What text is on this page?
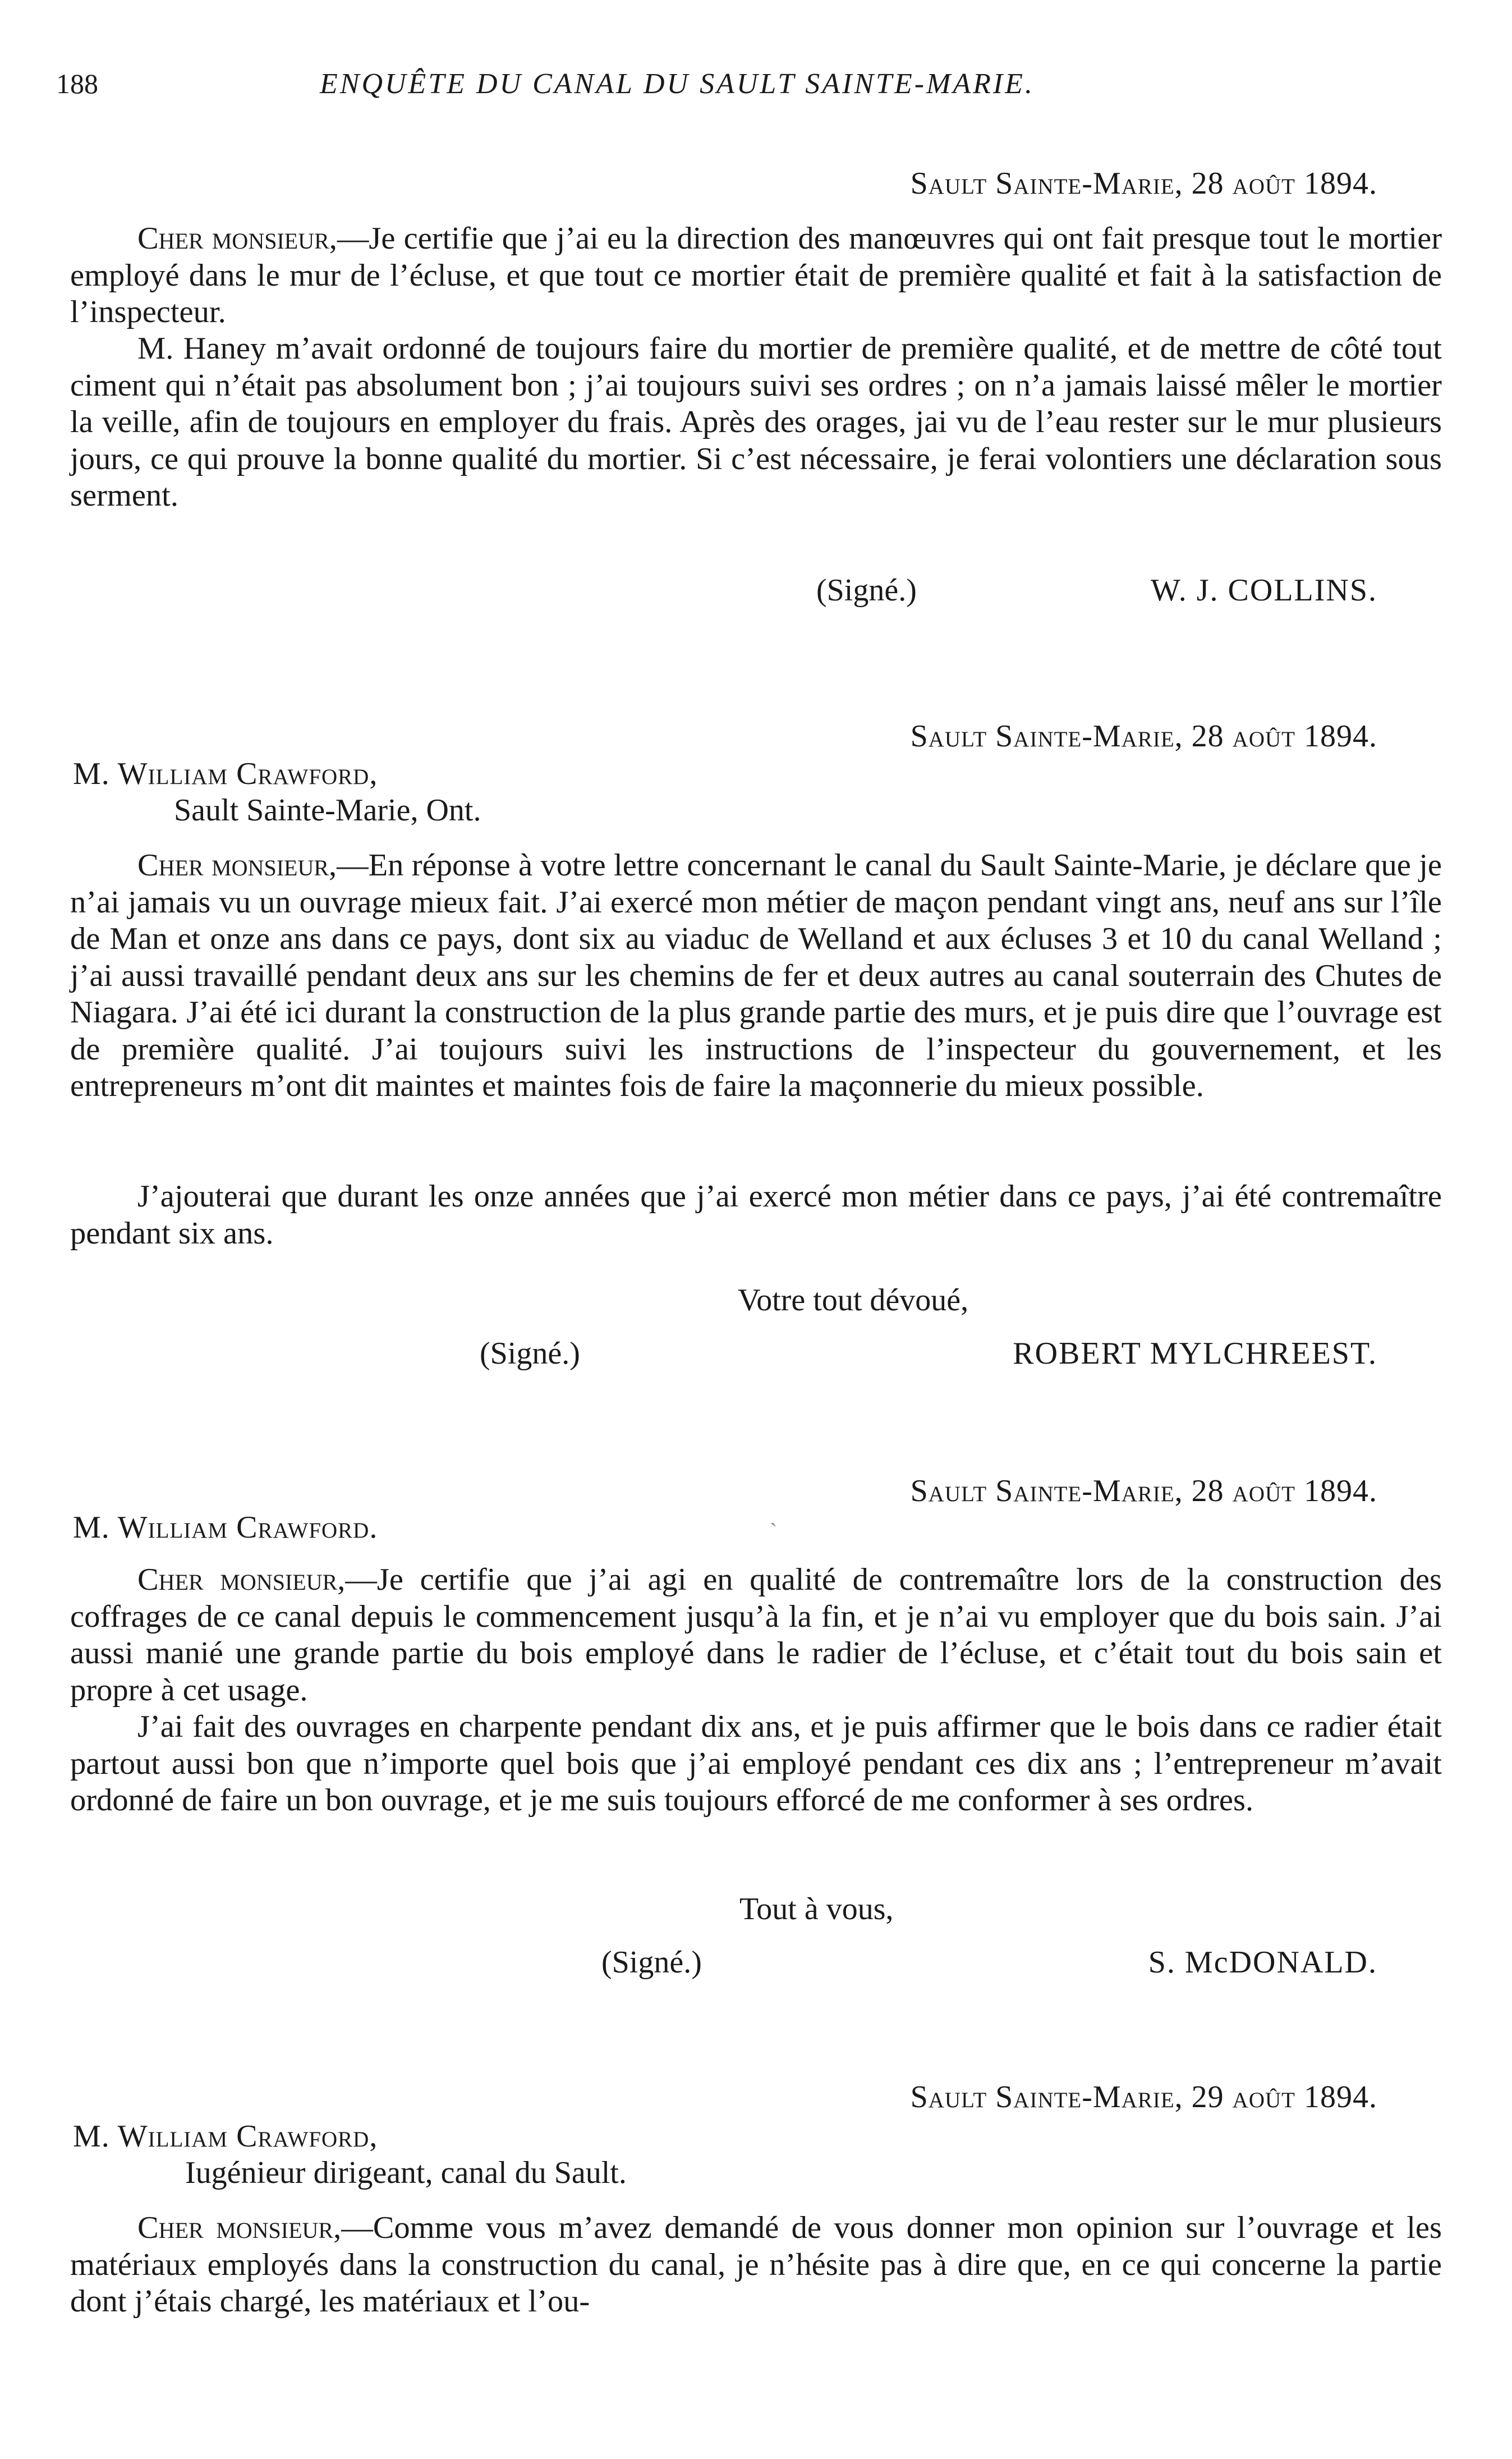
188	ENQUÊTE DU CANAL DU SAULT SAINTE-MARIE.
Sault Sainte-Marie, 28 août 1894.

Cher monsieur,—Je certifie que j’ai eu la direction des manœuvres qui ont fait presque tout le mortier employé dans le mur de l’écluse, et que tout ce mortier était de première qualité et fait à la satisfaction de l’inspecteur.

M. Haney m’avait ordonné de toujours faire du mortier de première qualité, et de mettre de côté tout ciment qui n’était pas absolument bon ; j’ai toujours suivi ses ordres ; on n’a jamais laissé mêler le mortier la veille, afin de toujours en employer du frais. Après des orages, jai vu de l’eau rester sur le mur plusieurs jours, ce qui prouve la bonne qualité du mortier. Si c’est nécessaire, je ferai volontiers une déclaration sous serment.

(Signé.)	W. J. COLLINS.
Sault Sainte-Marie, 28 août 1894.
M. William Crawford,
Sault Sainte-Marie, Ont.

Cher monsieur,—En réponse à votre lettre concernant le canal du Sault Sainte-Marie, je déclare que je n’ai jamais vu un ouvrage mieux fait. J’ai exercé mon métier de maçon pendant vingt ans, neuf ans sur l’île de Man et onze ans dans ce pays, dont six au viaduc de Welland et aux écluses 3 et 10 du canal Welland ; j’ai aussi travaillé pendant deux ans sur les chemins de fer et deux autres au canal souterrain des Chutes de Niagara. J’ai été ici durant la construction de la plus grande partie des murs, et je puis dire que l’ouvrage est de première qualité. J’ai toujours suivi les instructions de l’inspecteur du gouvernement, et les entrepreneurs m’ont dit maintes et maintes fois de faire la maçonnerie du mieux possible.

J’ajouterai que durant les onze années que j’ai exercé mon métier dans ce pays, j’ai été contremaître pendant six ans.

Votre tout dévoué,
(Signé.)	ROBERT MYLCHREEST.
Sault Sainte-Marie, 28 août 1894.
M. William Crawford.	`

Cher monsieur,—Je certifie que j’ai agi en qualité de contremaître lors de la construction des coffrages de ce canal depuis le commencement jusqu’à la fin, et je n’ai vu employer que du bois sain. J’ai aussi manié une grande partie du bois employé dans le radier de l’écluse, et c’était tout du bois sain et propre à cet usage.

J’ai fait des ouvrages en charpente pendant dix ans, et je puis affirmer que le bois dans ce radier était partout aussi bon que n’importe quel bois que j’ai employé pendant ces dix ans ; l’entrepreneur m’avait ordonné de faire un bon ouvrage, et je me suis toujours efforcé de me conformer à ses ordres.

Tout à vous,
(Signé.)	S. McDONALD.
Sault Sainte-Marie, 29 août 1894.
M. William Crawford,
Iugénieur dirigeant, canal du Sault.

Cher monsieur,—Comme vous m’avez demandé de vous donner mon opinion sur l’ouvrage et les matériaux employés dans la construction du canal, je n’hésite pas à dire que, en ce qui concerne la partie dont j’étais chargé, les matériaux et l’ou-
